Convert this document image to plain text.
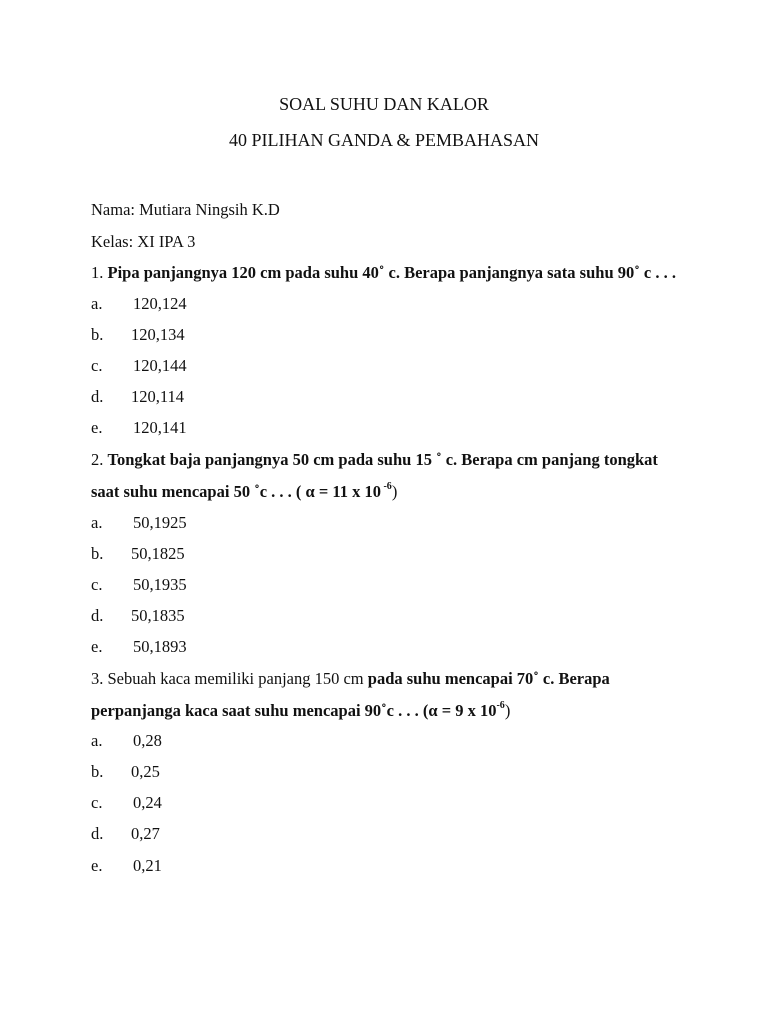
SOAL SUHU DAN KALOR
40 PILIHAN GANDA & PEMBAHASAN
Nama: Mutiara Ningsih K.D
Kelas: XI IPA 3
1. Pipa panjangnya 120 cm pada suhu 40˚ c. Berapa panjangnya sata suhu 90˚ c . . .
a. 120,124
b. 120,134
c. 120,144
d. 120,114
e. 120,141
2. Tongkat baja panjangnya 50 cm pada suhu 15 ˚ c. Berapa cm panjang tongkat
saat suhu mencapai 50 ˚c . . . ( α = 11 x 10 $^{-6}$)
a. 50,1925
b. 50,1825
c. 50,1935
d. 50,1835
e. 50,1893
3. Sebuah kaca memiliki panjang 150 cm pada suhu mencapai 70˚ c. Berapa
perpanjanga kaca saat suhu mencapai 90˚c . . . (α = 9 x $10^{-6}$)
a. 0,28
b. 0,25
c. 0,24
d. 0,27
e. 0,21
